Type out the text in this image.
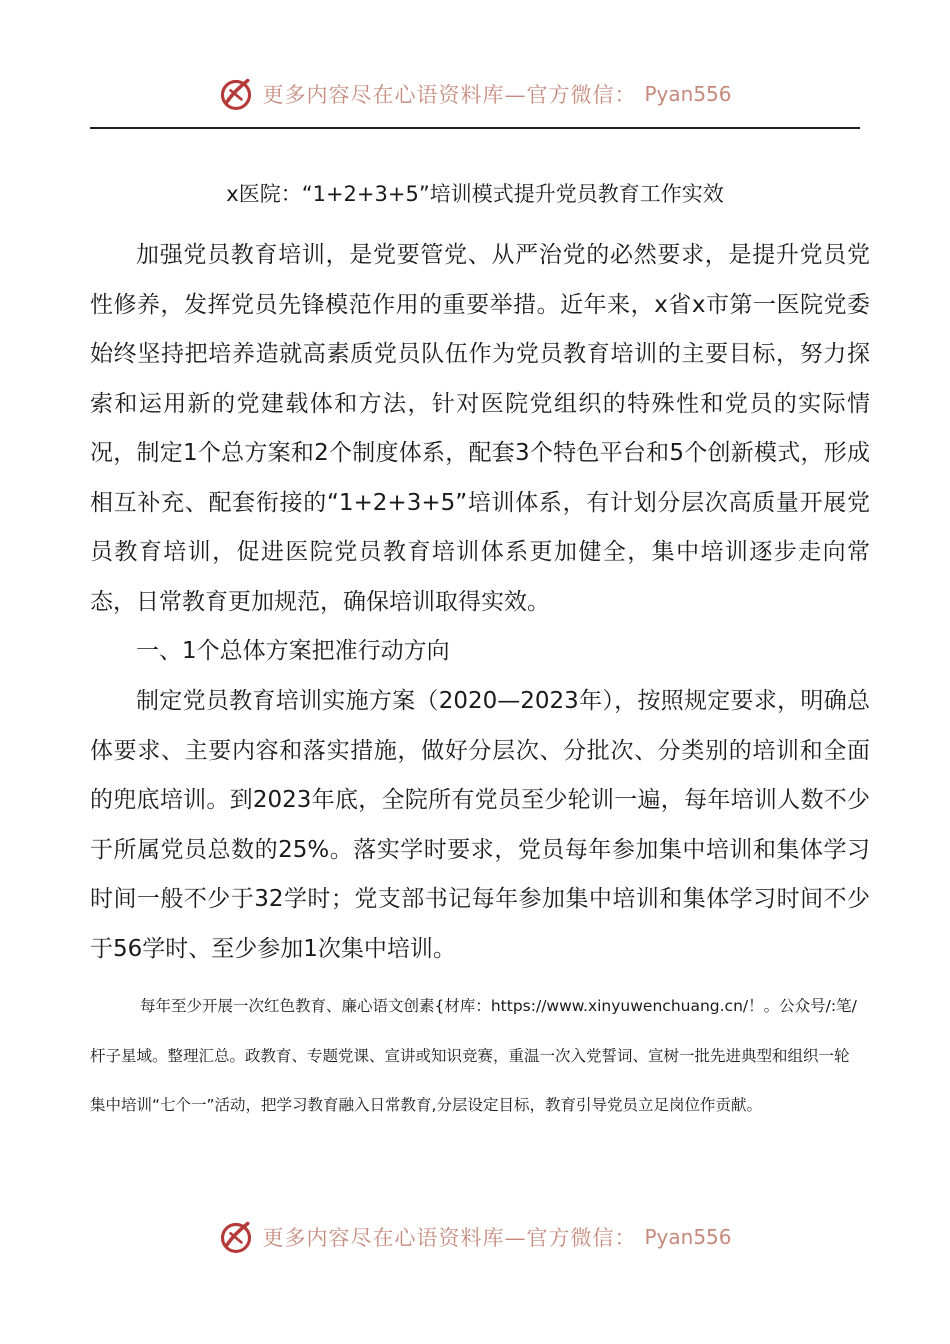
更多内容尽在心语资料库—官方微信： Pyan556
x医院：“1+2+3+5”培训模式提升党员教育工作实效
加强党员教育培训，是党要管党、从严治党的必然要求，是提升党员党性修养，发挥党员先锋模范作用的重要举措。近年来，x省x市第一医院党委始终坚持把培养造就高素质党员队伍作为党员教育培训的主要目标，努力探索和运用新的党建载体和方法，针对医院党组织的特殊性和党员的实际情况，制定1个总方案和2个制度体系，配套3个特色平台和5个创新模式，形成相互补充、配套衔接的“1+2+3+5”培训体系，有计划分层次高质量开展党员教育培训，促进医院党员教育培训体系更加健全，集中培训逐步走向常态，日常教育更加规范，确保培训取得实效。
一、1个总体方案把准行动方向
制定党员教育培训实施方案（2020—2023年），按照规定要求，明确总体要求、主要内容和落实措施，做好分层次、分批次、分类别的培训和全面的兜底培训。到2023年底，全院所有党员至少轮训一遍，每年培训人数不少于所属党员总数的25%。落实学时要求，党员每年参加集中培训和集体学习时间一般不少于32学时；党支部书记每年参加集中培训和集体学习时间不少于56学时、至少参加1次集中培训。
每年至少开展一次红色教育、廉心语文创素{材库：https://www.xinyuwenchuang.cn/！。公众号/:笔/杆子星域。整理汇总。政教育、专题党课、宣讲或知识竞赛，重温一次入党誓词、宣树一批先进典型和组织一轮集中培训“七个一”活动，把学习教育融入日常教育,分层设定目标，教育引导党员立足岗位作贡献。
更多内容尽在心语资料库—官方微信： Pyan556
